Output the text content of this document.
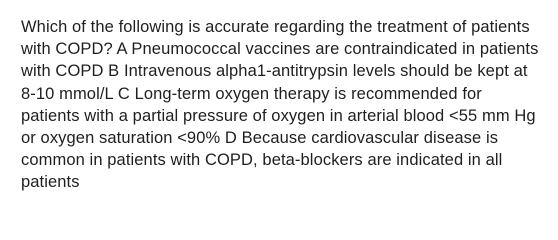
Which of the following is accurate regarding the treatment of patients with COPD? A Pneumococcal vaccines are contraindicated in patients with COPD B Intravenous alpha1-antitrypsin levels should be kept at 8-10 mmol/L C Long-term oxygen therapy is recommended for patients with a partial pressure of oxygen in arterial blood <55 mm Hg or oxygen saturation <90% D Because cardiovascular disease is common in patients with COPD, beta-blockers are indicated in all patients
